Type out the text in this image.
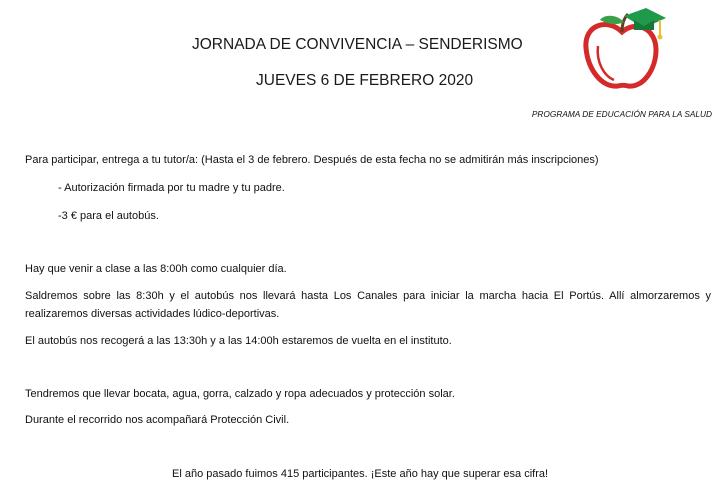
JORNADA DE CONVIVENCIA – SENDERISMO
JUEVES 6 DE FEBRERO 2020
PROGRAMA DE EDUCACIÓN PARA LA SALUD
Para participar, entrega a tu tutor/a: (Hasta el 3 de febrero. Después de esta fecha no se admitirán más inscripciones)
- Autorización firmada por tu madre y tu padre.
-3 € para el autobús.
Hay que venir a clase a las 8:00h como cualquier día.
Saldremos sobre las 8:30h y el autobús nos llevará hasta Los Canales para iniciar la marcha hacia El Portús. Allí almorzaremos y realizaremos diversas actividades lúdico-deportivas.
El autobús nos recogerá a las 13:30h y a las 14:00h estaremos de vuelta en el instituto.
Tendremos que llevar bocata, agua, gorra, calzado y ropa adecuados y protección solar.
Durante el recorrido nos acompañará Protección Civil.
El año pasado fuimos 415 participantes. ¡Este año hay que superar esa cifra!
